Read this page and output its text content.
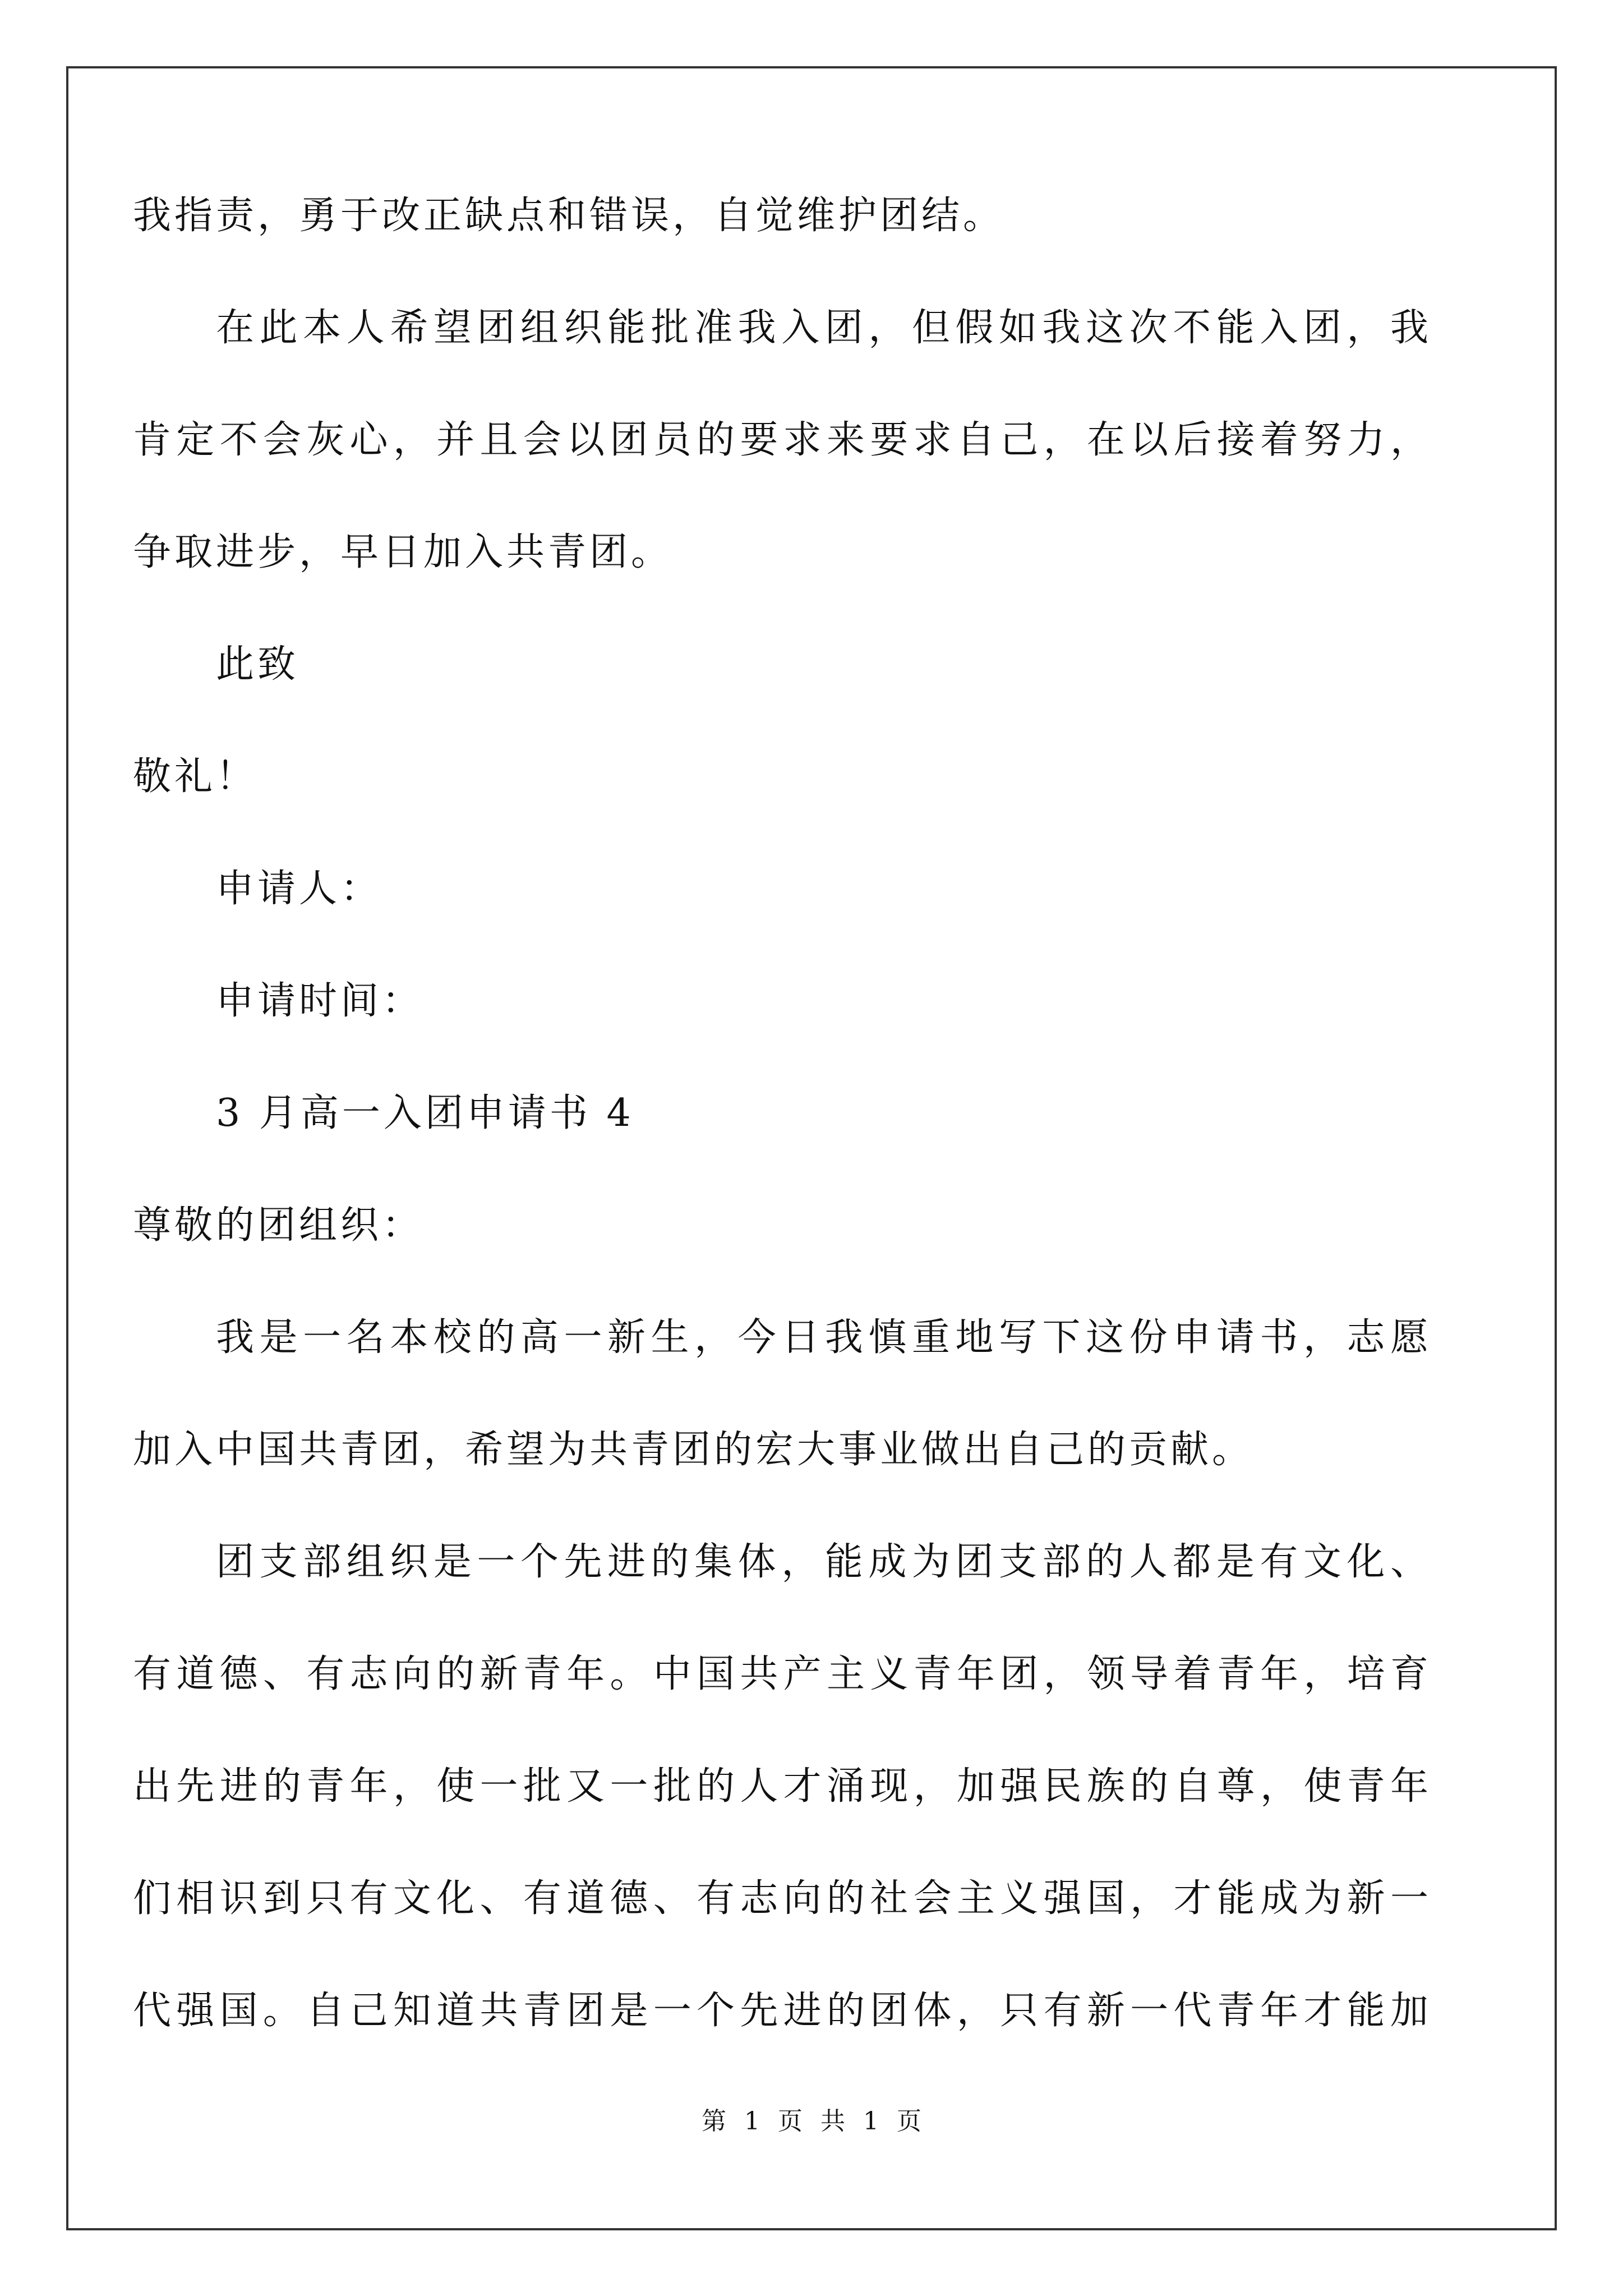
我指责，勇于改正缺点和错误，自觉维护团结。
在此本人希望团组织能批准我入团，但假如我这次不能入团，我
肯定不会灰心，并且会以团员的要求来要求自己，在以后接着努力，
争取进步，早日加入共青团。
此致
敬礼！
申请人：
申请时间：
3 月高一入团申请书 4
尊敬的团组织：
我是一名本校的高一新生，今日我慎重地写下这份申请书，志愿
加入中国共青团，希望为共青团的宏大事业做出自己的贡献。
团支部组织是一个先进的集体，能成为团支部的人都是有文化、
有道德、有志向的新青年。中国共产主义青年团，领导着青年，培育
出先进的青年，使一批又一批的人才涌现，加强民族的自尊，使青年
们相识到只有文化、有道德、有志向的社会主义强国，才能成为新一
代强国。自己知道共青团是一个先进的团体，只有新一代青年才能加
第 1 页 共 1 页
